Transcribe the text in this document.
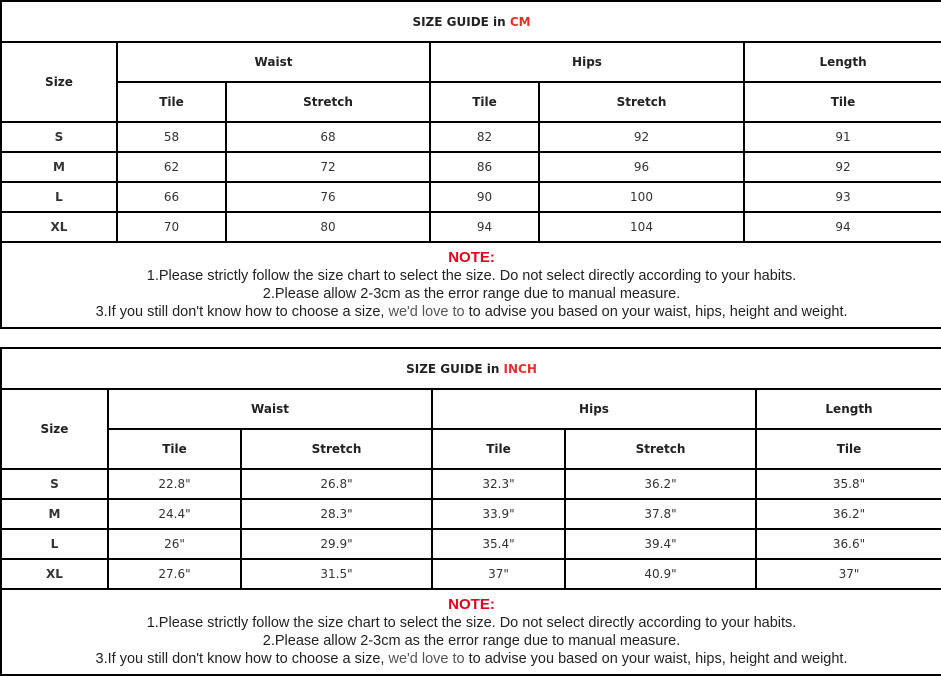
SIZE GUIDE in CM					
Size	Waist		Hips		Length
	Tile	Stretch	Tile	Stretch	Tile
S	58	68	82	92	91
M	62	72	86	96	92
L	66	76	90	100	93
XL	70	80	94	104	94

NOTE:
1.Please strictly follow the size chart to select the size. Do not select directly according to your habits.
2.Please allow 2-3cm as the error range due to manual measure.
3.If you still don't know how to choose a size, we'd love to to advise you based on your waist, hips, height and weight.					
SIZE GUIDE in INCH					
Size	Waist		Hips		Length
	Tile	Stretch	Tile	Stretch	Tile
S	22.8"	26.8"	32.3"	36.2"	35.8"
M	24.4"	28.3"	33.9"	37.8"	36.2"
L	26"	29.9"	35.4"	39.4"	36.6"
XL	27.6"	31.5"	37"	40.9"	37"

NOTE:
1.Please strictly follow the size chart to select the size. Do not select directly according to your habits.
2.Please allow 2-3cm as the error range due to manual measure.
3.If you still don't know how to choose a size, we'd love to to advise you based on your waist, hips, height and weight.					
